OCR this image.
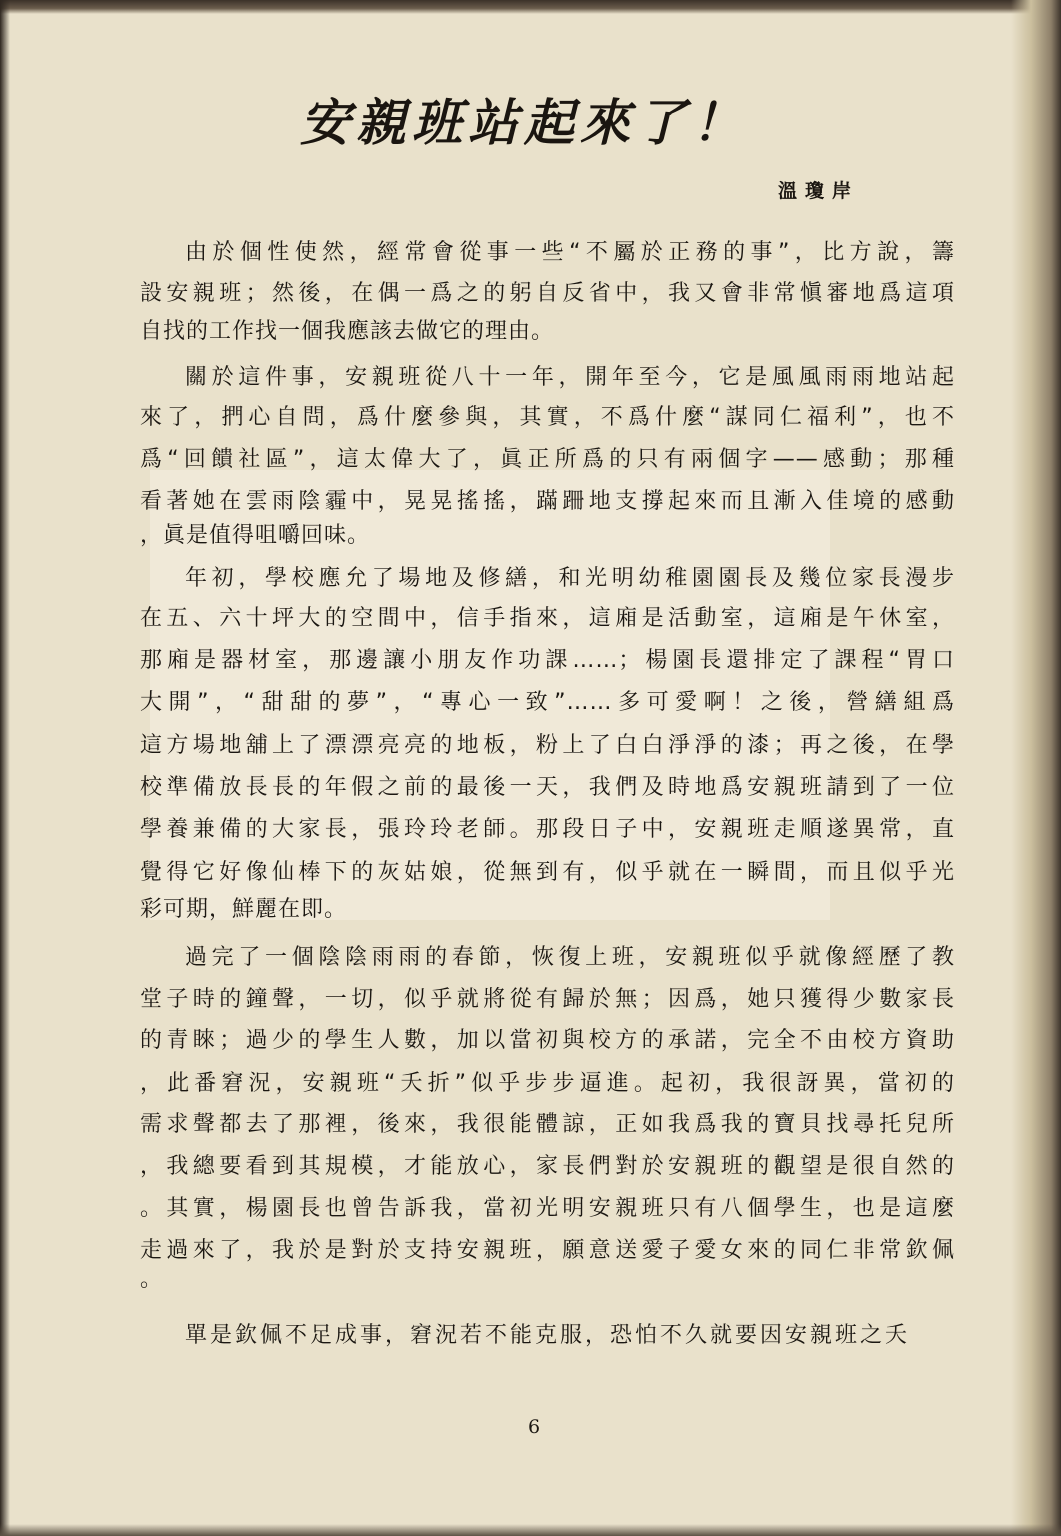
安親班站起來了！
溫瓊岸
由於個性使然，經常會從事一些“不屬於正務的事”，比方說，籌
設安親班；然後，在偶一爲之的躬自反省中，我又會非常愼審地爲這項
自找的工作找一個我應該去做它的理由。
關於這件事，安親班從八十一年，開年至今，它是風風雨雨地站起
來了，捫心自問，爲什麼參與，其實，不爲什麼“謀同仁福利”，也不
爲“回饋社區”，這太偉大了，眞正所爲的只有兩個字——感動；那種
看著她在雲雨陰霾中，晃晃搖搖，蹣跚地支撐起來而且漸入佳境的感動
，眞是值得咀嚼回味。
年初，學校應允了場地及修繕，和光明幼稚園園長及幾位家長漫步
在五、六十坪大的空間中，信手指來，這廂是活動室，這廂是午休室，
那廂是器材室，那邊讓小朋友作功課……；楊園長還排定了課程“胃口
大開”，“甜甜的夢”，“專心一致”……多可愛啊！之後，營繕組爲
這方場地舖上了漂漂亮亮的地板，粉上了白白淨淨的漆；再之後，在學
校準備放長長的年假之前的最後一天，我們及時地爲安親班請到了一位
學養兼備的大家長，張玲玲老師。那段日子中，安親班走順遂異常，直
覺得它好像仙棒下的灰姑娘，從無到有，似乎就在一瞬間，而且似乎光
彩可期，鮮麗在即。
過完了一個陰陰雨雨的春節，恢復上班，安親班似乎就像經歷了教
堂子時的鐘聲，一切，似乎就將從有歸於無；因爲，她只獲得少數家長
的青睞；過少的學生人數，加以當初與校方的承諾，完全不由校方資助
，此番窘況，安親班“夭折”似乎步步逼進。起初，我很訝異，當初的
需求聲都去了那裡，後來，我很能體諒，正如我爲我的寶貝找尋托兒所
，我總要看到其規模，才能放心，家長們對於安親班的觀望是很自然的
。其實，楊園長也曾告訴我，當初光明安親班只有八個學生，也是這麼
走過來了，我於是對於支持安親班，願意送愛子愛女來的同仁非常欽佩
。
單是欽佩不足成事，窘況若不能克服，恐怕不久就要因安親班之夭
6
